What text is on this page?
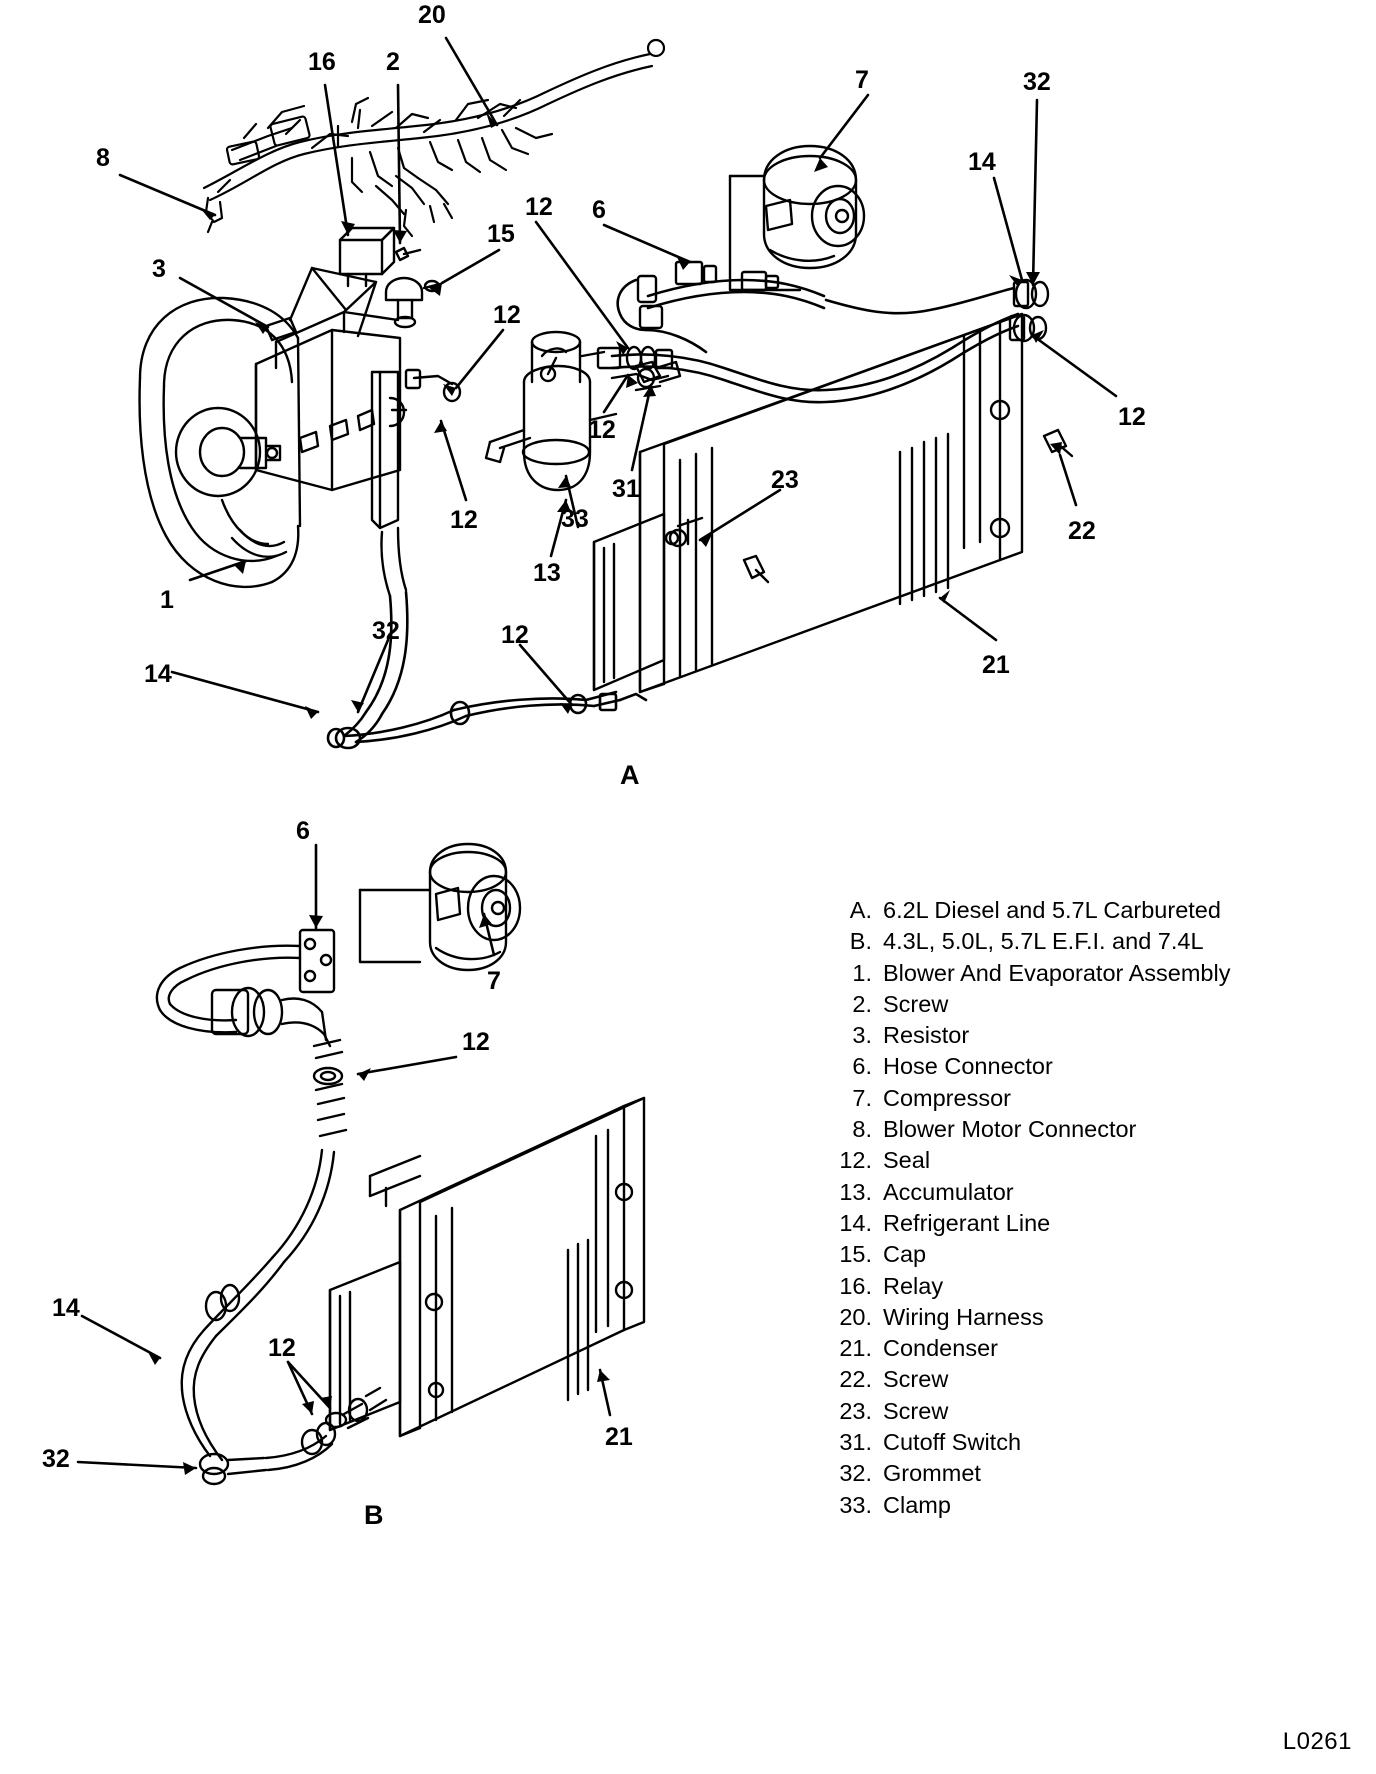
20
16 2
7	32
8	14
12 6
15
3
12
12
12
31	23
12	33	22
13
1
21
32	12
14
6
7
12
14
12
21
32
A
B
A. 6.2L Diesel and 5.7L Carbureted
B. 4.3L, 5.0L, 5.7L E.F.I. and 7.4L
1. Blower And Evaporator Assembly
2. Screw
3. Resistor
6. Hose Connector
7. Compressor
8. Blower Motor Connector
12. Seal
13. Accumulator
14. Refrigerant Line
15. Cap
16. Relay
20. Wiring Harness
21. Condenser
22. Screw
23. Screw
31. Cutoff Switch
32. Grommet
33. Clamp
L0261
